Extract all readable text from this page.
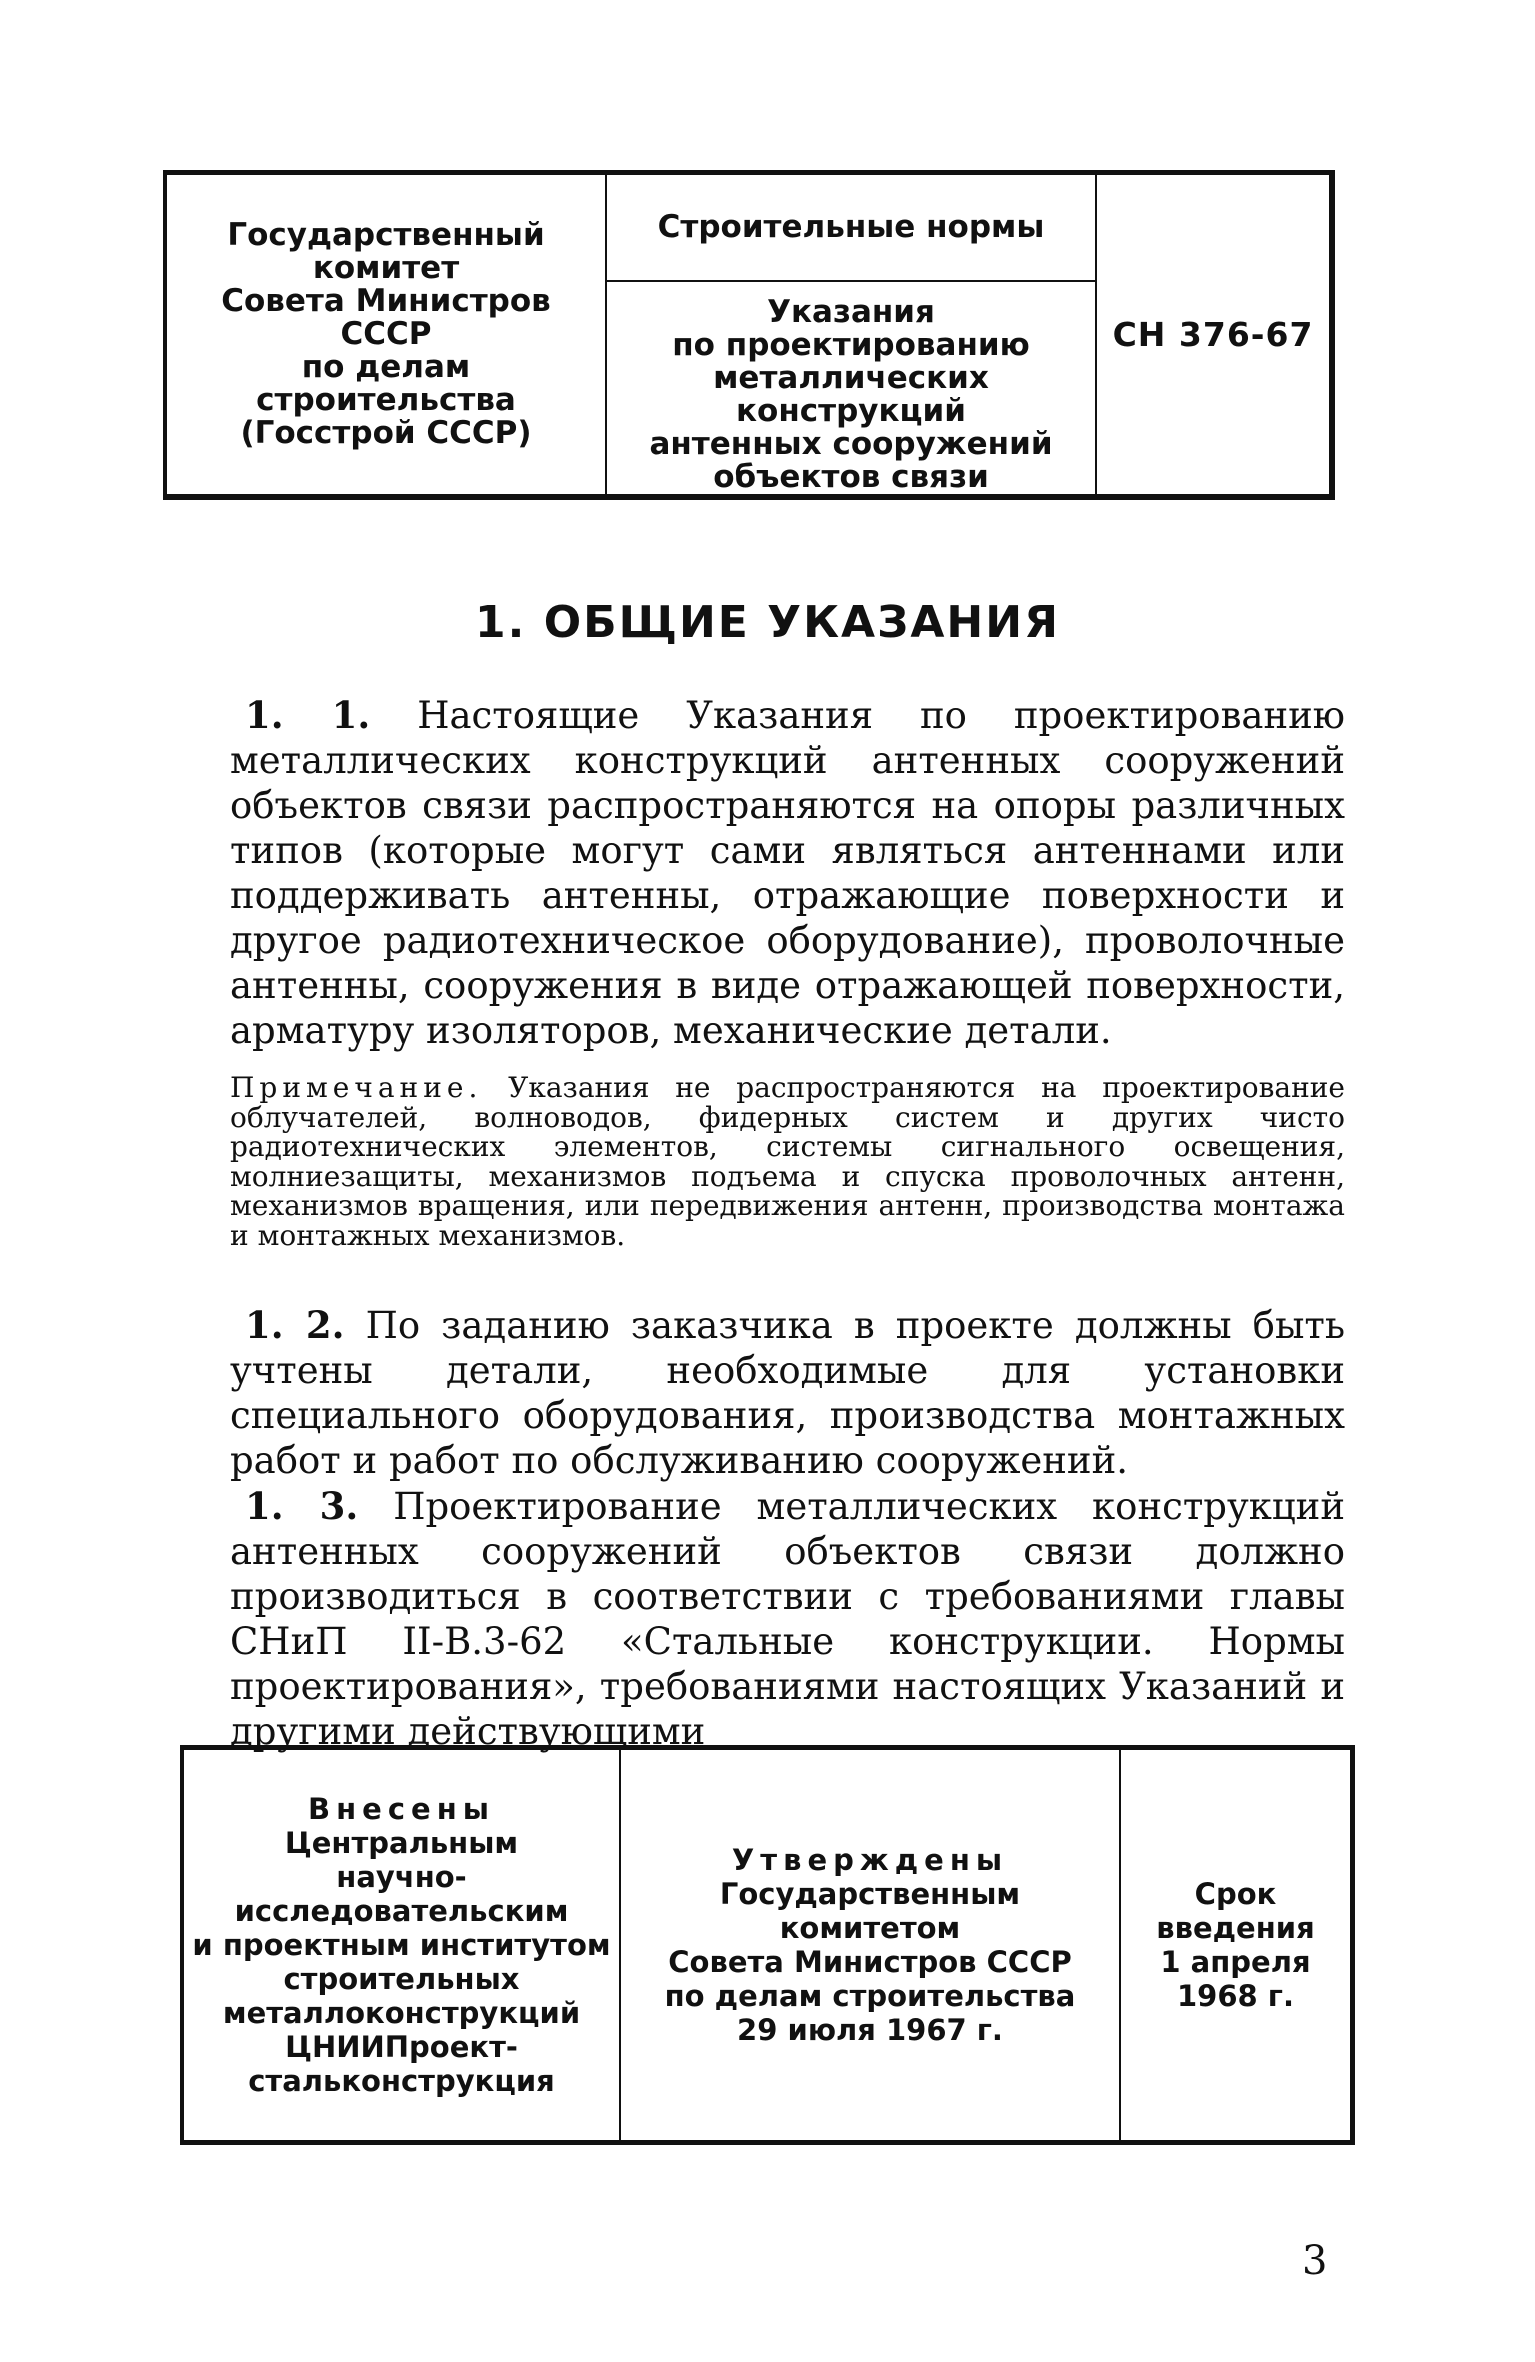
Государственный
комитет
Совета Министров
СССР
по делам
строительства
(Госстрой СССР)
Строительные нормы
Указания
по проектированию
металлических конструкций
антенных сооружений
объектов связи
СН 376-67
1. ОБЩИЕ УКАЗАНИЯ
1. 1. Настоящие Указания по проектированию металлических конструкций антенных сооружений объектов связи распространяются на опоры различных типов (которые могут сами являться антеннами или поддерживать антенны, отражающие поверхности и другое радиотехническое оборудование), проволочные антенны, сооружения в виде отражающей поверхности, арматуру изоляторов, механические детали.
Примечание. Указания не распространяются на проектирование облучателей, волноводов, фидерных систем и других чисто радиотехнических элементов, системы сигнального освещения, молниезащиты, механизмов подъема и спуска проволочных антенн, механизмов вращения, или передвижения антенн, производства монтажа и монтажных механизмов.
1. 2. По заданию заказчика в проекте должны быть учтены детали, необходимые для установки специального оборудования, производства монтажных работ и работ по обслуживанию сооружений.
1. 3. Проектирование металлических конструкций антенных сооружений объектов связи должно производиться в соответствии с требованиями главы СНиП II-В.3-62 «Стальные конструкции. Нормы проектирования», требованиями настоящих Указаний и другими действующими
Внесены
Центральным
научно-
исследовательским
и проектным институтом
строительных
металлоконструкций
ЦНИИПроект-
стальконструкция
Утверждены
Государственным
комитетом
Совета Министров СССР
по делам строительства
29 июля 1967 г.
Срок
введения
1 апреля
1968 г.
3
